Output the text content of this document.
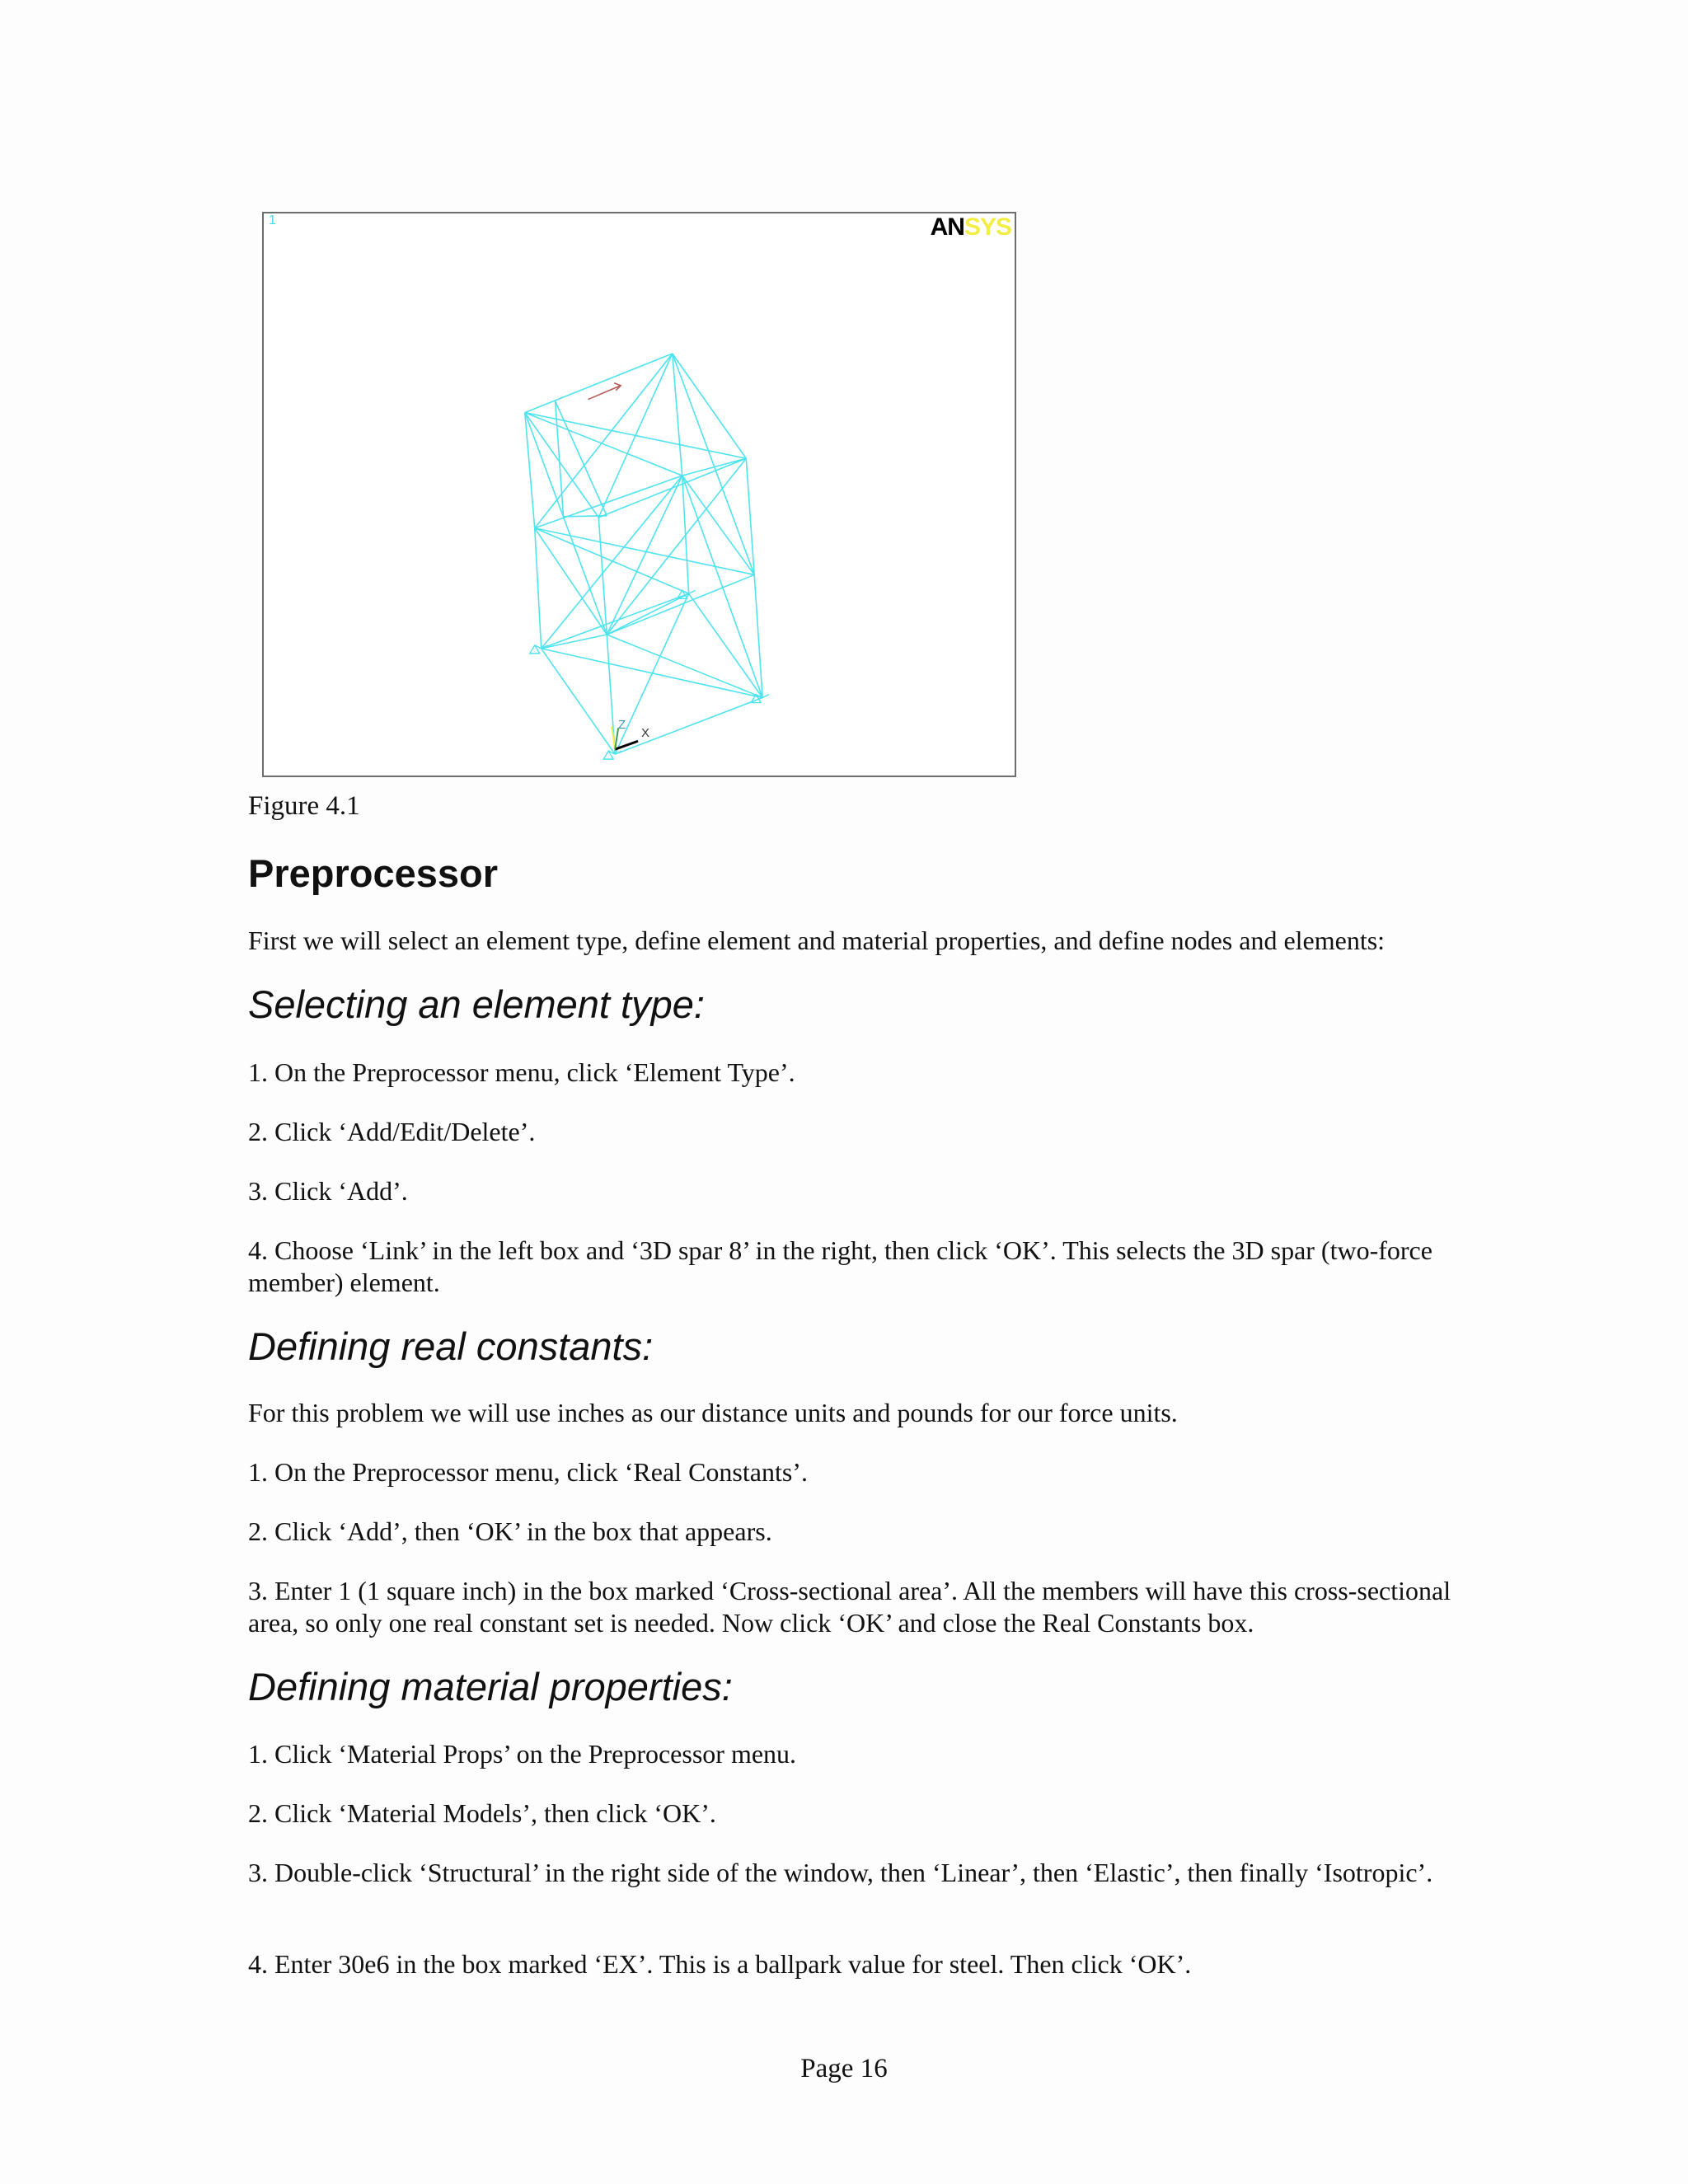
1	ANSYS
Z
X
Figure 4.1
Preprocessor

First we will select an element type, define element and material properties, and define nodes and elements:

Selecting an element type:

1. On the Preprocessor menu, click ‘Element Type’.

2. Click ‘Add/Edit/Delete’.

3. Click ‘Add’.

4. Choose ‘Link’ in the left box and ‘3D spar 8’ in the right, then click ‘OK’. This selects the 3D spar (two-force member) element.

Defining real constants:

For this problem we will use inches as our distance units and pounds for our force units.

1. On the Preprocessor menu, click ‘Real Constants’.

2. Click ‘Add’, then ‘OK’ in the box that appears.

3. Enter 1 (1 square inch) in the box marked ‘Cross-sectional area’. All the members will have this cross-sectional area, so only one real constant set is needed. Now click ‘OK’ and close the Real Constants box.

Defining material properties:

1. Click ‘Material Props’ on the Preprocessor menu.

2. Click ‘Material Models’, then click ‘OK’.

3. Double-click ‘Structural’ in the right side of the window, then ‘Linear’, then ‘Elastic’, then finally ‘Isotropic’.

4. Enter 30e6 in the box marked ‘EX’. This is a ballpark value for steel. Then click ‘OK’.

Page 16
